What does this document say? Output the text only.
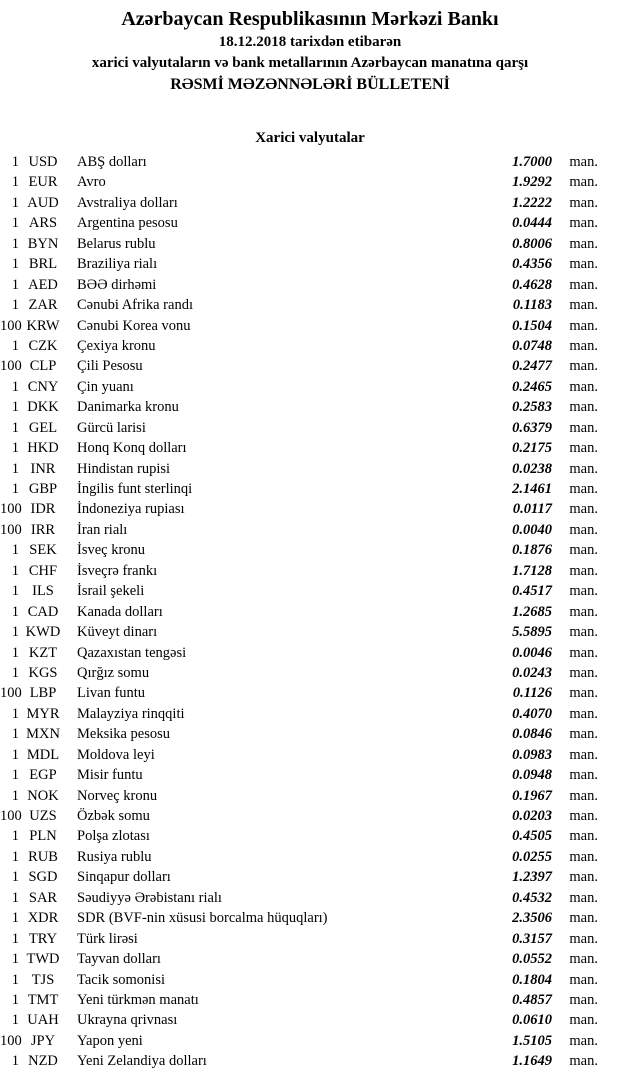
Azərbaycan Respublikasının Mərkəzi Bankı
18.12.2018 tarixdən etibarən
xarici valyutaların və bank metallarının Azərbaycan manatına qarşı
RƏSMİ MƏZƏNNƏLƏRİ BÜLLETENİ
Xarici valyutalar
1 USD	ABŞ dolları	1.7000	man.
1 EUR	Avro	1.9292	man.
1 AUD	Avstraliya dolları	1.2222	man.
1 ARS	Argentina pesosu	0.0444	man.
1 BYN	Belarus rublu	0.8006	man.
1 BRL	Braziliya rialı	0.4356	man.
1 AED	BƏƏ dirhəmi	0.4628	man.
1 ZAR	Cənubi Afrika randı	0.1183	man.
100 KRW	Cənubi Korea vonu	0.1504	man.
1 CZK	Çexiya kronu	0.0748	man.
100 CLP	Çili Pesosu	0.2477	man.
1 CNY	Çin yuanı	0.2465	man.
1 DKK	Danimarka kronu	0.2583	man.
1 GEL	Gürcü larisi	0.6379	man.
1 HKD	Honq Konq dolları	0.2175	man.
1 INR	Hindistan rupisi	0.0238	man.
1 GBP	İngilis funt sterlinqi	2.1461	man.
100 IDR	İndoneziya rupiası	0.0117	man.
100 IRR	İran rialı	0.0040	man.
1 SEK	İsveç kronu	0.1876	man.
1 CHF	İsveçrə frankı	1.7128	man.
1 ILS	İsrail şekeli	0.4517	man.
1 CAD	Kanada dolları	1.2685	man.
1 KWD	Küveyt dinarı	5.5895	man.
1 KZT	Qazaxıstan tengəsi	0.0046	man.
1 KGS	Qırğız somu	0.0243	man.
100 LBP	Livan funtu	0.1126	man.
1 MYR	Malayziya rinqqiti	0.4070	man.
1 MXN	Meksika pesosu	0.0846	man.
1 MDL	Moldova leyi	0.0983	man.
1 EGP	Misir funtu	0.0948	man.
1 NOK	Norveç kronu	0.1967	man.
100 UZS	Özbək somu	0.0203	man.
1 PLN	Polşa zlotası	0.4505	man.
1 RUB	Rusiya rublu	0.0255	man.
1 SGD	Sinqapur dolları	1.2397	man.
1 SAR	Səudiyyə Ərəbistanı rialı	0.4532	man.
1 XDR	SDR (BVF-nin xüsusi borcalma hüquqları)	2.3506	man.
1 TRY	Türk lirəsi	0.3157	man.
1 TWD	Tayvan dolları	0.0552	man.
1 TJS	Tacik somonisi	0.1804	man.
1 TMT	Yeni türkmən manatı	0.4857	man.
1 UAH	Ukrayna qrivnası	0.0610	man.
100 JPY	Yapon yeni	1.5105	man.
1 NZD	Yeni Zelandiya dolları	1.1649	man.
